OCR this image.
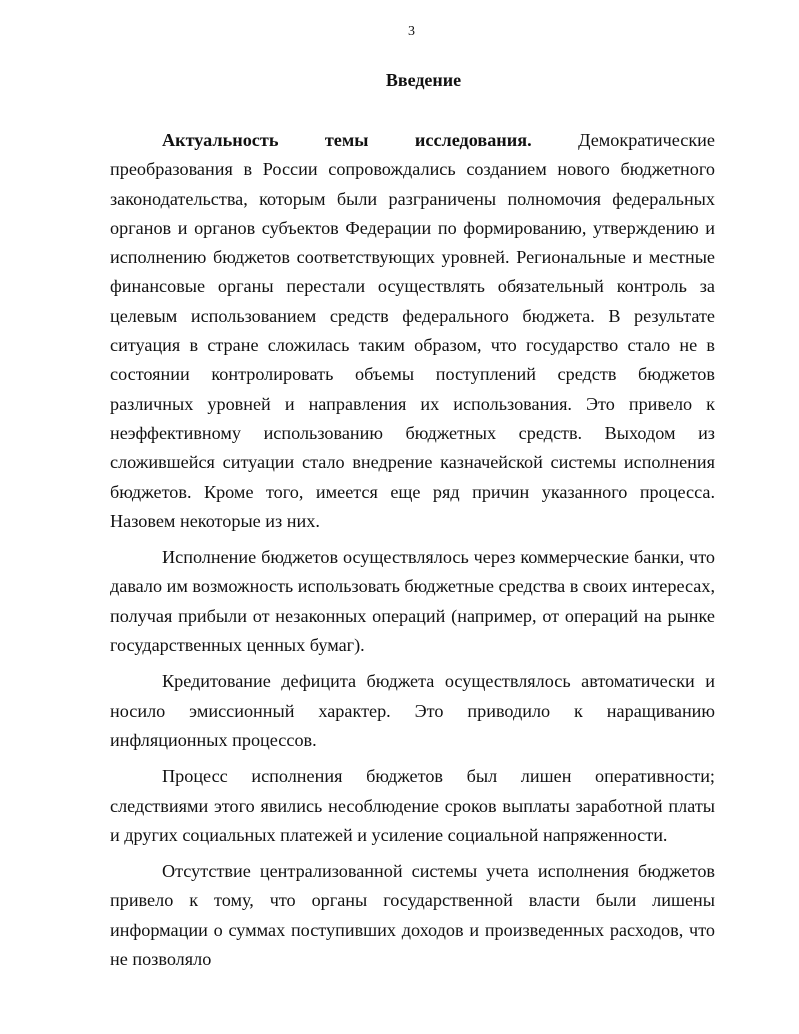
3
Введение

Актуальность темы исследования. Демократические преобразования в России сопровождались созданием нового бюджетного законодательства, которым были разграничены полномочия федеральных органов и органов субъектов Федерации по формированию, утверждению и исполнению бюджетов соответствующих уровней. Региональные и местные финансовые органы перестали осуществлять обязательный контроль за целевым использованием средств федерального бюджета. В результате ситуация в стране сложилась таким образом, что государство стало не в состоянии контролировать объемы поступлений средств бюджетов различных уровней и направления их использования. Это привело к неэффективному использованию бюджетных средств. Выходом из сложившейся ситуации стало внедрение казначейской системы исполнения бюджетов. Кроме того, имеется еще ряд причин указанного процесса. Назовем некоторые из них.

Исполнение бюджетов осуществлялось через коммерческие банки, что давало им возможность использовать бюджетные средства в своих интересах, получая прибыли от незаконных операций (например, от операций на рынке государственных ценных бумаг).

Кредитование дефицита бюджета осуществлялось автоматически и носило эмиссионный характер. Это приводило к наращиванию инфляционных процессов.

Процесс исполнения бюджетов был лишен оперативности; следствиями этого явились несоблюдение сроков выплаты заработной платы и других социальных платежей и усиление социальной напряженности.

Отсутствие централизованной системы учета исполнения бюджетов привело к тому, что органы государственной власти были лишены информации о суммах поступивших доходов и произведенных расходов, что не позволяло
